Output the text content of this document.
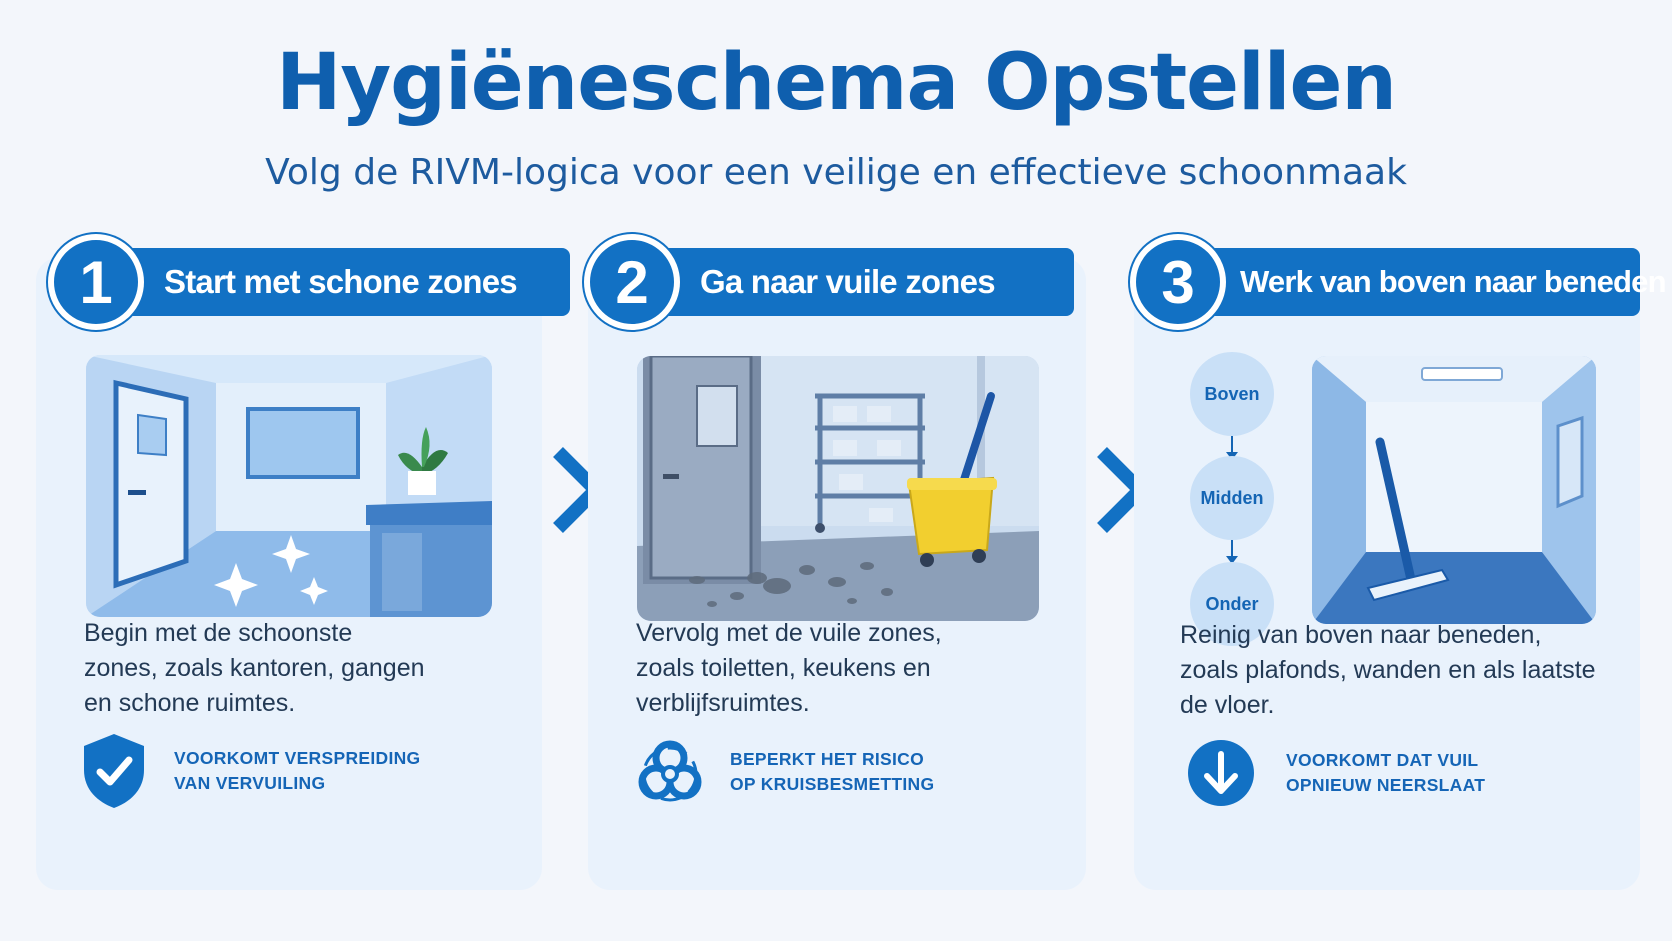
Hygiëneschema Opstellen

Volg de RIVM-logica voor een veilige en effectieve schoonmaak

Start met schone zones
1

Begin met de schoonste
zones, zoals kantoren, gangen
en schone ruimtes.

VOORKOMT VERSPREIDING
VAN VERVUILING
Ga naar vuile zones
2

Vervolg met de vuile zones,
zoals toiletten, keukens en
verblijfsruimtes.

BEPERKT HET RISICO
OP KRUISBESMETTING
Werk van boven naar beneden
3
Boven
Midden
Onder

Reinig van boven naar beneden,
zoals plafonds, wanden en als laatste
de vloer.

VOORKOMT DAT VUIL
OPNIEUW NEERSLAAT
